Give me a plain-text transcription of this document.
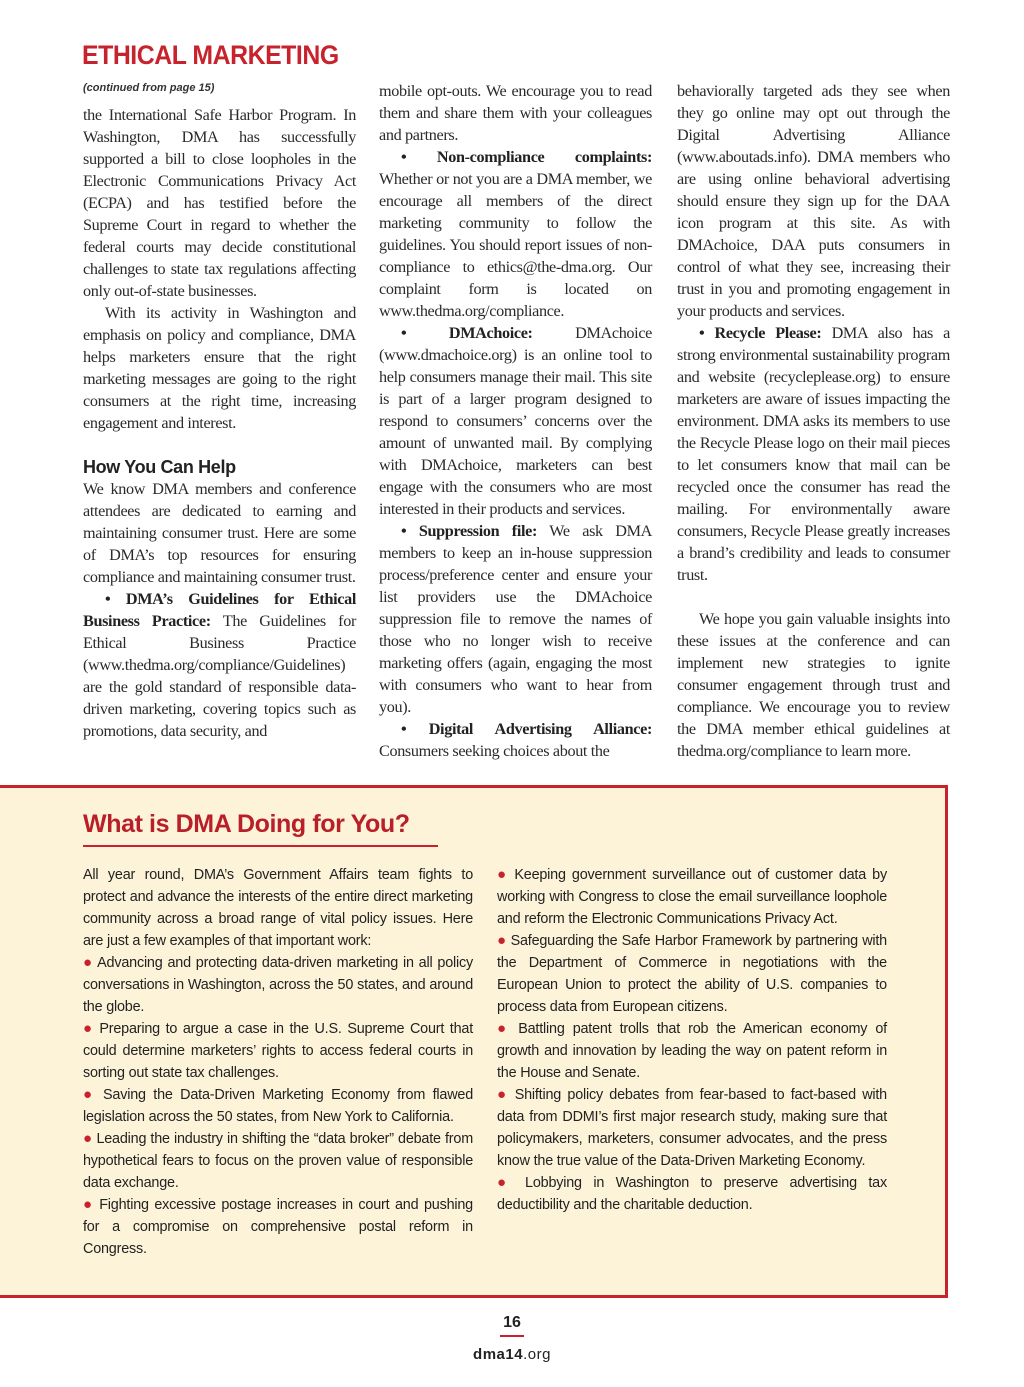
ETHICAL MARKETING
(continued from page 15)

the International Safe Harbor Program. In Washington, DMA has successfully supported a bill to close loopholes in the Electronic Communications Privacy Act (ECPA) and has testified before the Supreme Court in regard to whether the federal courts may decide constitutional challenges to state tax regulations affecting only out-of-state businesses.

With its activity in Washington and emphasis on policy and compliance, DMA helps marketers ensure that the right marketing messages are going to the right consumers at the right time, increasing engagement and interest.

How You Can Help

We know DMA members and conference attendees are dedicated to earning and maintaining consumer trust. Here are some of DMA’s top resources for ensuring compliance and maintaining consumer trust.

• DMA’s Guidelines for Ethical Business Practice: The Guidelines for Ethical Business Practice (www.thedma.org/compliance/Guidelines) are the gold standard of responsible data-driven marketing, covering topics such as promotions, data security, and

mobile opt-outs. We encourage you to read them and share them with your colleagues and partners.

• Non-compliance complaints: Whether or not you are a DMA member, we encourage all members of the direct marketing community to follow the guidelines. You should report issues of non-compliance to ethics@the-dma.org. Our complaint form is located on www.thedma.org/compliance.

• DMAchoice: DMAchoice (www.dmachoice.org) is an online tool to help consumers manage their mail. This site is part of a larger program designed to respond to consumers’ concerns over the amount of unwanted mail. By complying with DMAchoice, marketers can best engage with the consumers who are most interested in their products and services.

• Suppression file: We ask DMA members to keep an in-house suppression process/preference center and ensure your list providers use the DMAchoice suppression file to remove the names of those who no longer wish to receive marketing offers (again, engaging the most with consumers who want to hear from you).

• Digital Advertising Alliance: Consumers seeking choices about the

behaviorally targeted ads they see when they go online may opt out through the Digital Advertising Alliance (www.aboutads.info). DMA members who are using online behavioral advertising should ensure they sign up for the DAA icon program at this site. As with DMAchoice, DAA puts consumers in control of what they see, increasing their trust in you and promoting engagement in your products and services.

• Recycle Please: DMA also has a strong environmental sustainability program and website (recycleplease.org) to ensure marketers are aware of issues impacting the environment. DMA asks its members to use the Recycle Please logo on their mail pieces to let consumers know that mail can be recycled once the consumer has read the mailing. For environmentally aware consumers, Recycle Please greatly increases a brand’s credibility and leads to consumer trust.

We hope you gain valuable insights into these issues at the conference and can implement new strategies to ignite consumer engagement through trust and compliance. We encourage you to review the DMA member ethical guidelines at thedma.org/compliance to learn more.

What is DMA Doing for You?

All year round, DMA’s Government Affairs team fights to protect and advance the interests of the entire direct marketing community across a broad range of vital policy issues. Here are just a few examples of that important work:

● Advancing and protecting data-driven marketing in all policy conversations in Washington, across the 50 states, and around the globe.

● Preparing to argue a case in the U.S. Supreme Court that could determine marketers’ rights to access federal courts in sorting out state tax challenges.

● Saving the Data-Driven Marketing Economy from flawed legislation across the 50 states, from New York to California.

● Leading the industry in shifting the “data broker” debate from hypothetical fears to focus on the proven value of responsible data exchange.

● Fighting excessive postage increases in court and pushing for a compromise on comprehensive postal reform in Congress.

● Keeping government surveillance out of customer data by working with Congress to close the email surveillance loophole and reform the Electronic Communications Privacy Act.

● Safeguarding the Safe Harbor Framework by partnering with the Department of Commerce in negotiations with the European Union to protect the ability of U.S. companies to process data from European citizens.

● Battling patent trolls that rob the American economy of growth and innovation by leading the way on patent reform in the House and Senate.

● Shifting policy debates from fear-based to fact-based with data from DDMI’s first major research study, making sure that policymakers, marketers, consumer advocates, and the press know the true value of the Data-Driven Marketing Economy.

● Lobbying in Washington to preserve advertising tax deductibility and the charitable deduction.

16
dma14.org
